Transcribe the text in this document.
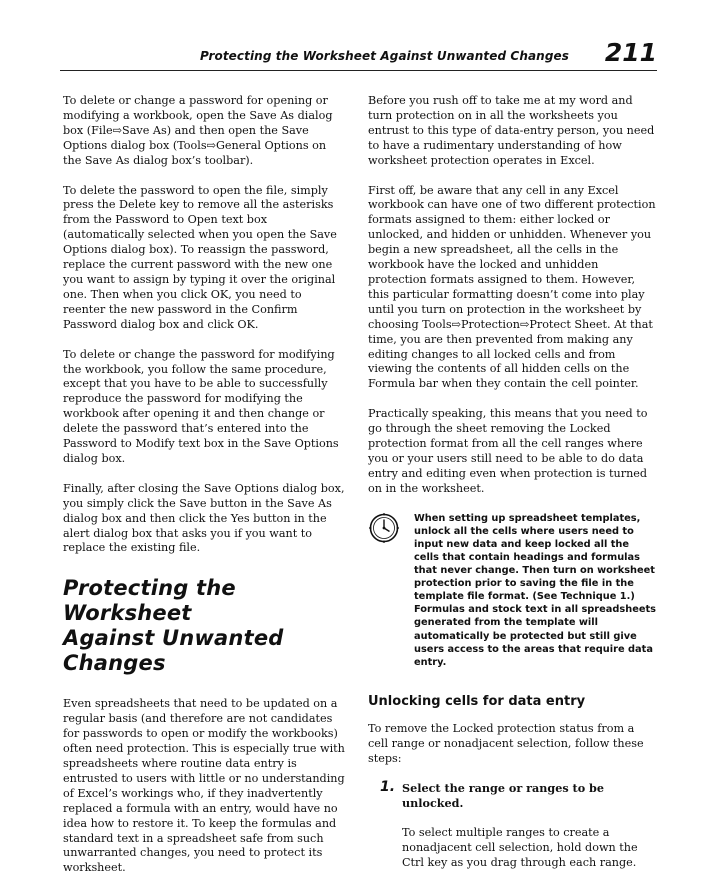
Protecting the Worksheet Against Unwanted Changes 211

To delete or change a password for opening or modifying a workbook, open the Save As dialog box (File⇨Save As) and then open the Save Options dialog box (Tools⇨General Options on the Save As dialog box’s toolbar).

To delete the password to open the file, simply press the Delete key to remove all the asterisks from the Password to Open text box (automatically selected when you open the Save Options dialog box). To reassign the password, replace the current password with the new one you want to assign by typing it over the original one. Then when you click OK, you need to reenter the new password in the Confirm Password dialog box and click OK.

To delete or change the password for modifying the workbook, you follow the same procedure, except that you have to be able to successfully reproduce the password for modifying the workbook after opening it and then change or delete the password that’s entered into the Password to Modify text box in the Save Options dialog box.

Finally, after closing the Save Options dialog box, you simply click the Save button in the Save As dialog box and then click the Yes button in the alert dialog box that asks you if you want to replace the existing file.

Protecting the Worksheet
Against Unwanted Changes

Even spreadsheets that need to be updated on a regular basis (and therefore are not candidates for passwords to open or modify the workbooks) often need protection. This is especially true with spreadsheets where routine data entry is entrusted to users with little or no understanding of Excel’s workings who, if they inadvertently replaced a formula with an entry, would have no idea how to restore it. To keep the formulas and standard text in a spreadsheet safe from such unwarranted changes, you need to protect its worksheet.

Before you rush off to take me at my word and turn protection on in all the worksheets you entrust to this type of data-entry person, you need to have a rudimentary understanding of how worksheet protection operates in Excel.

First off, be aware that any cell in any Excel workbook can have one of two different protection formats assigned to them: either locked or unlocked, and hidden or unhidden. Whenever you begin a new spreadsheet, all the cells in the workbook have the locked and unhidden protection formats assigned to them. However, this particular formatting doesn’t come into play until you turn on protection in the worksheet by choosing Tools⇨Protection⇨Protect Sheet. At that time, you are then prevented from making any editing changes to all locked cells and from viewing the contents of all hidden cells on the Formula bar when they contain the cell pointer.

Practically speaking, this means that you need to go through the sheet removing the Locked protection format from all the cell ranges where you or your users still need to be able to do data entry and editing even when protection is turned on in the worksheet.

When setting up spreadsheet templates, unlock all the cells where users need to input new data and keep locked all the cells that contain headings and formulas that never change. Then turn on worksheet protection prior to saving the file in the template file format. (See Technique 1.) Formulas and stock text in all spreadsheets generated from the template will automatically be protected but still give users access to the areas that require data entry.
Unlocking cells for data entry

To remove the Locked protection status from a cell range or nonadjacent selection, follow these steps:

1. Select the range or ranges to be unlocked.

To select multiple ranges to create a nonadjacent cell selection, hold down the Ctrl key as you drag through each range.
